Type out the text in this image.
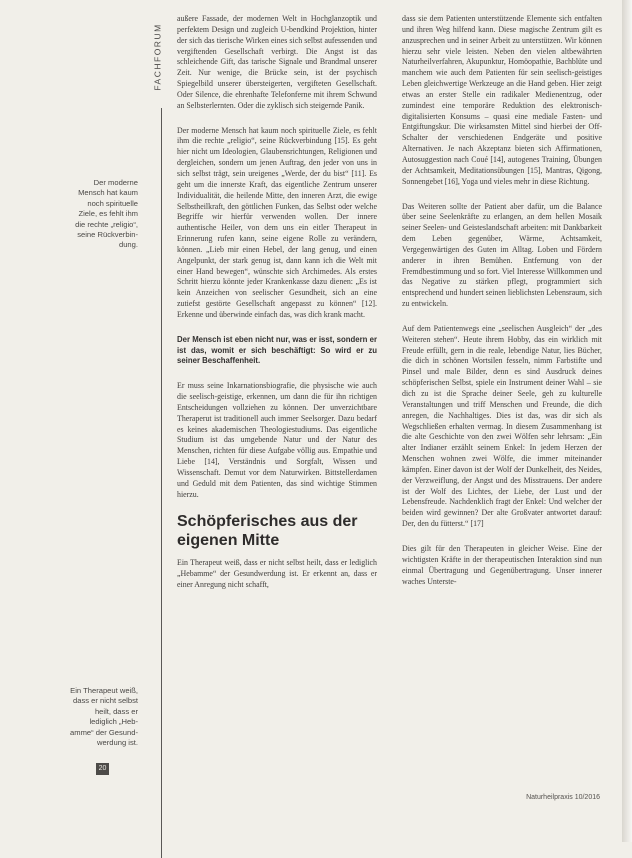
FACHFORUM
Der moderne
Mensch hat kaum
noch spirituelle
Ziele, es fehlt ihm
die rechte „religio“,
seine Rückverbin-
dung.
Ein Therapeut weiß,
dass er nicht selbst
heilt, dass er
lediglich „Heb-
amme“ der Gesund-
werdung ist.
20

außere Fassade, der modernen Welt in Hochglanzoptik und perfektem Design und zugleich U-bendkind Projektion, hinter der sich das tierische Wirken eines sich selbst aufessenden und vergiftenden Gesellschaft verbirgt. Die Angst ist das schleichende Gift, das tarische Signale und Brandmal unserer Zeit. Nur wenige, die Brücke sein, ist der psychisch Spiegelbild unserer übersteigerten, vergifteten Gesellschaft. Oder Silence, die ehrenhafte Telefonferne mit ihrem Schwund an Selbsterlernten. Oder die zyklisch sich steigernde Panik.

Der moderne Mensch hat kaum noch spirituelle Ziele, es fehlt ihm die rechte „religio“, seine Rückverbindung [15]. Es geht hier nicht um Ideologien, Glaubensrichtungen, Religionen und dergleichen, sondern um jenen Auftrag, den jeder von uns in sich selbst trägt, sein ureigenes „Werde, der du bist“ [11]. Es geht um die innerste Kraft, das eigentliche Zentrum unserer Individualität, die heilende Mitte, den inneren Arzt, die ewige Selbstheilkraft, den göttlichen Funken, das Selbst oder welche Begriffe wir hierfür verwenden wollen. Der innere authentische Heiler, von dem uns ein eitler Therapeut in Erinnerung rufen kann, seine eigene Rolle zu verändern, können. „Lieb mir einen Hebel, der lang genug, und einen Angelpunkt, der stark genug ist, dann kann ich die Welt mit einer Hand bewegen“, wünschte sich Archimedes. Als erstes Schritt hierzu könnte jeder Krankenkasse dazu dienen: „Es ist kein Anzeichen von seelischer Gesundheit, sich an eine zutiefst gestörte Gesellschaft angepasst zu können“ [12]. Erkenne und überwinde einfach das, was dich krank macht.

Der Mensch ist eben nicht nur, was er isst, sondern er ist das, womit er sich beschäftigt: So wird er zu seiner Beschaffenheit.

Er muss seine Inkarnationsbiografie, die physische wie auch die seelisch-geistige, erkennen, um dann die für ihn richtigen Entscheidungen vollziehen zu können. Der unverzichtbare Theraperut ist traditionell auch immer Seelsorger. Dazu bedarf es keines akademischen Theologiestudiums. Das eigentliche Studium ist das umgebende Natur und der Natur des Menschen, richten für diese Aufgabe völlig aus. Empathie und Liebe [14], Verständnis und Sorgfalt, Wissen und Wissenschaft. Demut vor dem Naturwirken. Bittstellerdamen und Geduld mit dem Patienten, das sind wichtige Stimmen hierzu.

Schöpferisches aus der eigenen Mitte

Ein Therapeut weiß, dass er nicht selbst heilt, dass er lediglich „Hebamme“ der Gesundwerdung ist. Er erkennt an, dass er einer Anregung nicht schafft,

dass sie dem Patienten unterstützende Elemente sich entfalten und ihren Weg hilfend kann. Diese magische Zentrum gilt es anzusprechen und in seiner Arbeit zu unterstützen. Wir können hierzu sehr viele leisten. Neben den vielen altbewährten Naturheilverfahren, Akupunktur, Homöopathie, Bachblüte und manchem wie auch dem Patienten für sein seelisch-geistiges Leben gleichwertige Werkzeuge an die Hand geben. Hier zeigt etwas an erster Stelle ein radikaler Medienentzug, oder zumindest eine temporäre Reduktion des elektronisch-digitalisierten Konsums – quasi eine mediale Fasten- und Entgiftungskur. Die wirksamsten Mittel sind hierbei der Off-Schalter der verschiedenen Endgeräte und positive Alternativen. Je nach Akzeptanz bieten sich Affirmationen, Autosuggestion nach Coué [14], autogenes Training, Übungen der Achtsamkeit, Meditationsübungen [15], Mantras, Qigong, Sonnengebet [16], Yoga und vieles mehr in diese Richtung.

Das Weiteren sollte der Patient aber dafür, um die Balance über seine Seelenkräfte zu erlangen, an dem hellen Mosaik seiner Seelen- und Geisteslandschaft arbeiten: mit Dankbarkeit dem Leben gegenüber, Wärme, Achtsamkeit, Vergegenwärtigen des Guten im Alltag. Loben und Fördern anderer in ihren Bemühen. Entfernung von der Fremdbestimmung und so fort. Viel Interesse Willkommen und das Negative zu stärken pflegt, programmiert sich entsprechend und hundert seinen lieblichsten Lebensraum, sich zu entwickeln.

Auf dem Patientenwegs eine „seelischen Ausgleich“ der „des Weiteren stehen“. Heute ihrem Hobby, das ein wirklich mit Freude erfüllt, gern in die reale, lebendige Natur, lies Bücher, die dich in schönen Wortsilen fesseln, nimm Farbstifte und Pinsel und male Bilder, denn es sind Ausdruck deines schöpferischen Selbst, spiele ein Instrument deiner Wahl – sie dich zu ist die Sprache deiner Seele, geh zu kulturelle Veranstaltungen und triff Menschen und Freunde, die dich anregen, die Nachhaltiges. Dies ist das, was dir sich als Wegschließen erhalten vermag. In diesem Zusammenhang ist die alte Geschichte von den zwei Wölfen sehr lehrsam: „Ein alter Indianer erzählt seinem Enkel: In jedem Herzen der Menschen wohnen zwei Wölfe, die immer miteinander kämpfen. Einer davon ist der Wolf der Dunkelheit, des Neides, der Verzweiflung, der Angst und des Misstrauens. Der andere ist der Wolf des Lichtes, der Liebe, der Lust und der Lebensfreude. Nachdenklich fragt der Enkel: Und welcher der beiden wird gewinnen? Der alte Großvater antwortet darauf: Der, den du fütterst.“ [17]

Dies gilt für den Therapeuten in gleicher Weise. Eine der wichtigsten Kräfte in der therapeutischen Interaktion sind nun einmal Übertragung und Gegenübertragung. Unser innerer waches Unterste-

Naturheilpraxis 10/2016
